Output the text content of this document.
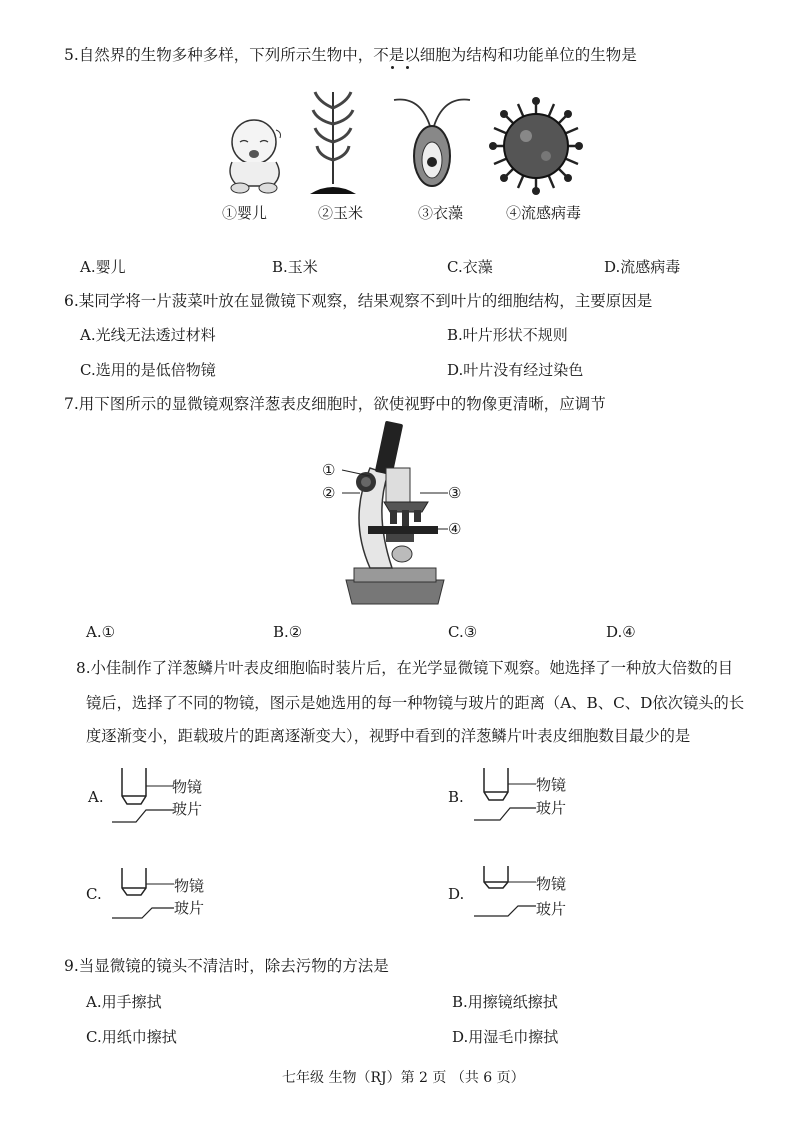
5.自然界的生物多种多样，下列所示生物中，不是以细胞为结构和功能单位的生物是
①婴儿	②玉米	③衣藻	④流感病毒
A.婴儿	B.玉米	C.衣藻	D.流感病毒
6.某同学将一片菠菜叶放在显微镜下观察，结果观察不到叶片的细胞结构，主要原因是
A.光线无法透过材料	B.叶片形状不规则
C.选用的是低倍物镜	D.叶片没有经过染色
7.用下图所示的显微镜观察洋葱表皮细胞时，欲使视野中的物像更清晰，应调节
①
②	③
④
A.①	B.②	C.③	D.④
8.小佳制作了洋葱鳞片叶表皮细胞临时装片后，在光学显微镜下观察。她选择了一种放大倍数的目
镜后，选择了不同的物镜，图示是她选用的每一种物镜与玻片的距离（A、B、C、D依次镜头的长
度逐渐变小，距载玻片的距离逐渐变大），视野中看到的洋葱鳞片叶表皮细胞数目最少的是
A.
物镜
玻片
B.
物镜
玻片
C.	物镜
玻片
D.
物镜
玻片
9.当显微镜的镜头不清洁时，除去污物的方法是
A.用手擦拭	B.用擦镜纸擦拭
C.用纸巾擦拭	D.用湿毛巾擦拭
七年级 生物（RJ）第 2 页 （共 6 页）
